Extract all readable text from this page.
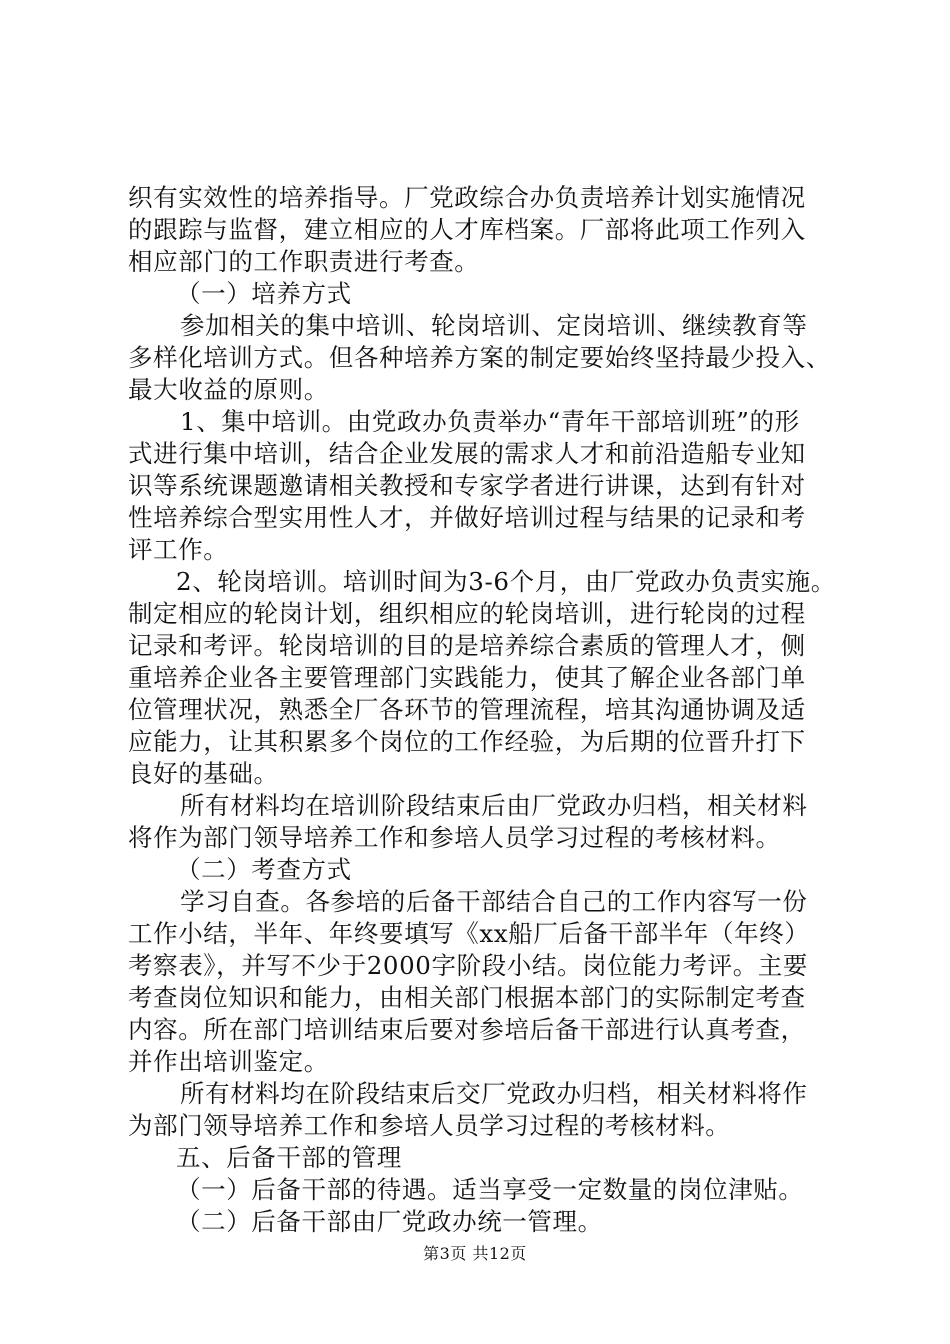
织有实效性的培养指导。厂党政综合办负责培养计划实施情况
的跟踪与监督，建立相应的人才库档案。厂部将此项工作列入
相应部门的工作职责进行考查。
（一）培养方式
参加相关的集中培训、轮岗培训、定岗培训、继续教育等
多样化培训方式。但各种培养方案的制定要始终坚持最少投入、
最大收益的原则。
1、集中培训。由党政办负责举办“青年干部培训班”的形
式进行集中培训，结合企业发展的需求人才和前沿造船专业知
识等系统课题邀请相关教授和专家学者进行讲课，达到有针对
性培养综合型实用性人才，并做好培训过程与结果的记录和考
评工作。
2、轮岗培训。培训时间为3-6个月，由厂党政办负责实施。
制定相应的轮岗计划，组织相应的轮岗培训，进行轮岗的过程
记录和考评。轮岗培训的目的是培养综合素质的管理人才，侧
重培养企业各主要管理部门实践能力，使其了解企业各部门单
位管理状况，熟悉全厂各环节的管理流程，培其沟通协调及适
应能力，让其积累多个岗位的工作经验，为后期的位晋升打下
良好的基础。
所有材料均在培训阶段结束后由厂党政办归档，相关材料
将作为部门领导培养工作和参培人员学习过程的考核材料。
（二）考查方式
学习自查。各参培的后备干部结合自己的工作内容写一份
工作小结，半年、年终要填写《xx船厂后备干部半年（年终）
考察表》，并写不少于2000字阶段小结。岗位能力考评。主要
考查岗位知识和能力，由相关部门根据本部门的实际制定考查
内容。所在部门培训结束后要对参培后备干部进行认真考查，
并作出培训鉴定。
所有材料均在阶段结束后交厂党政办归档，相关材料将作
为部门领导培养工作和参培人员学习过程的考核材料。
五、后备干部的管理
（一）后备干部的待遇。适当享受一定数量的岗位津贴。
（二）后备干部由厂党政办统一管理。
第3页 共12页
